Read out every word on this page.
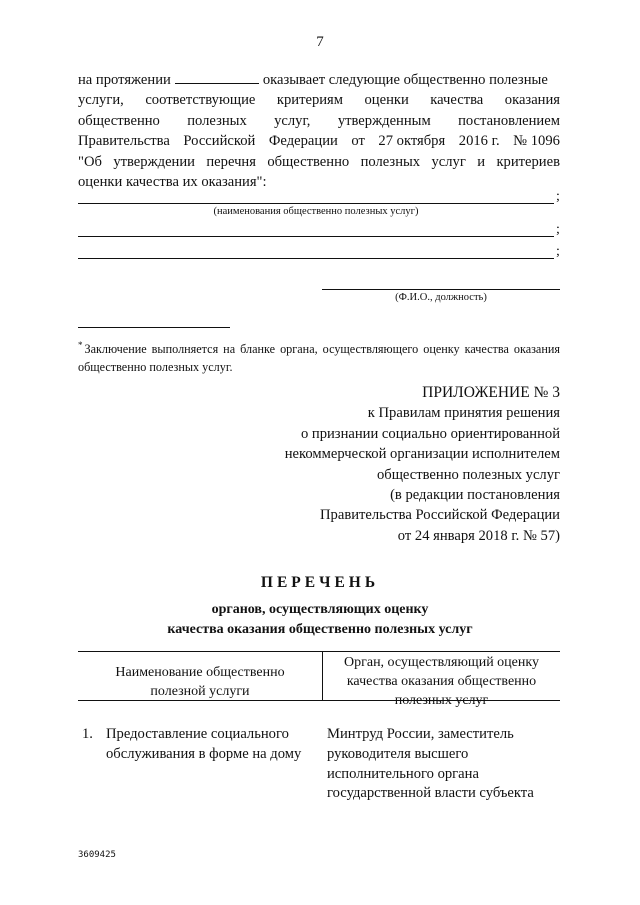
7
на протяжении	оказывает следующие общественно полезные
услуги, соответствующие критериям оценки качества оказания
общественно полезных услуг, утвержденным постановлением
Правительства Российской Федерации от 27 октября 2016 г. № 1096
"Об утверждении перечня общественно полезных услуг и критериев
оценки качества их оказания":
;
(наименования общественно полезных услуг)
;
;
(Ф.И.О., должность)
* Заключение выполняется на бланке органа, осуществляющего оценку качества оказания общественно полезных услуг.
ПРИЛОЖЕНИЕ № 3
к Правилам принятия решения
о признании социально ориентированной
некоммерческой организации исполнителем
общественно полезных услуг
(в редакции постановления
Правительства Российской Федерации
от 24 января 2018 г. № 57)
ПЕРЕЧЕНЬ
органов, осуществляющих оценку
качества оказания общественно полезных услуг
Наименование общественно
полезной услуги
Орган, осуществляющий оценку
качества оказания общественно
полезных услуг
1. Предоставление социального
обслуживания в форме на дому
Минтруд России, заместитель
руководителя высшего
исполнительного органа
государственной власти субъекта
3609425
